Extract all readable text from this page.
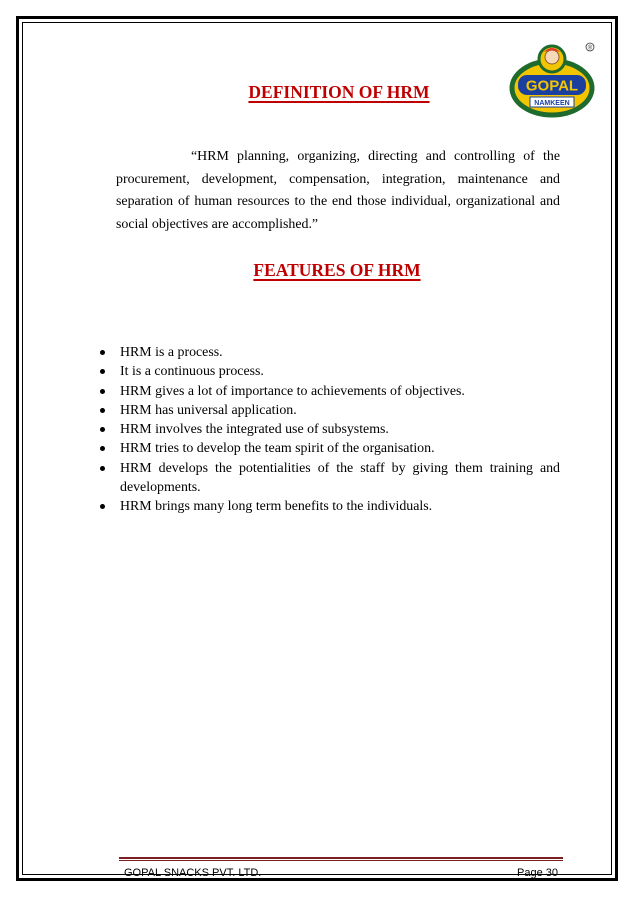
GOPAL
NAMKEEN
®
DEFINITION OF HRM

“HRM planning, organizing, directing and controlling of the procurement, development, compensation, integration, maintenance and separation of human resources to the end those individual, organizational and social objectives are accomplished.”

FEATURES OF HRM
HRM is a process.
It is a continuous process.
HRM gives a lot of importance to achievements of objectives.
HRM has universal application.
HRM involves the integrated use of subsystems.
HRM tries to develop the team spirit of the organisation.
HRM develops the potentialities of the staff by giving them training and developments.
HRM brings many long term benefits to the individuals.
GOPAL SNACKS PVT. LTD.	Page 30
